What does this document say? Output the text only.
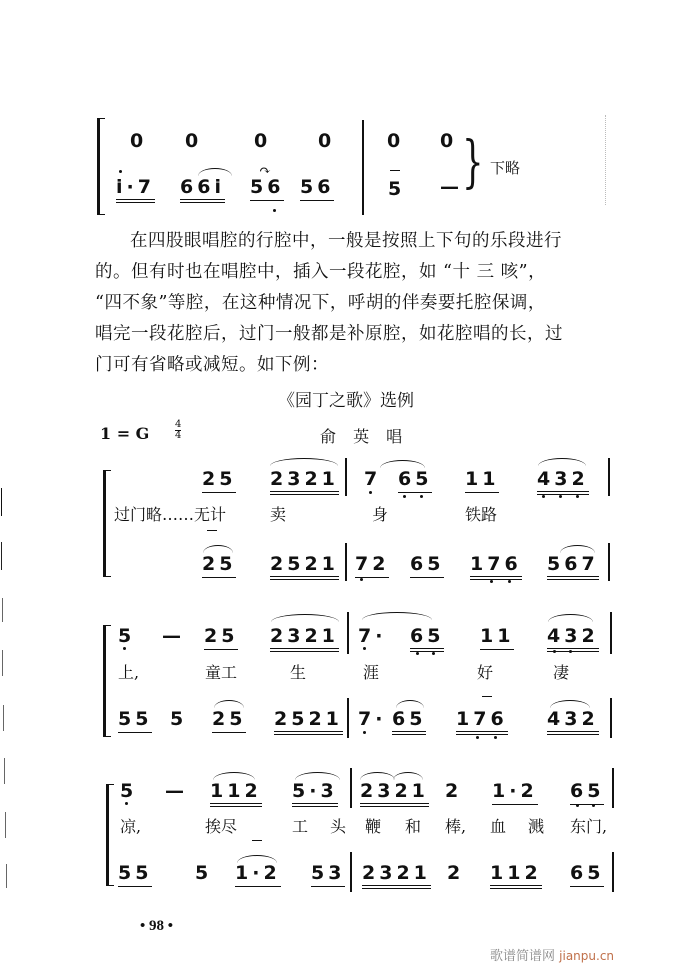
0 0	0 0	0 0
i·7 66i
↷
56 56	5 — } 下略
在四股眼唱腔的行腔中，一般是按照上下句的乐段进行
的。但有时也在唱腔中，插入一段花腔，如 “十 三 咳”，
“四不象”等腔，在这种情况下，呼胡的伴奏要托腔保调，
唱完一段花腔后，过门一般都是补原腔，如花腔唱的长，过
门可有省略或减短。如下例：
《园丁之歌》选例
1 = G	4
4	俞 英 唱
25 2321 7 65 11 432
过门略……无计	卖	身	铁路
25 2521 72 65 176 567
5 — 25 2321 7· 65 11 432
上,	童工	生	涯	好	凄
55 5 25 2521 7· 65 176 432
5 — 112 5·3 2321 2 1·2 65
凉,	挨尽	工 头 鞭 和 棒, 血 溅 东门,
55 5 1·2 53 2321 2 112 65
• 98 •
歌谱简谱网 jianpu.cn
